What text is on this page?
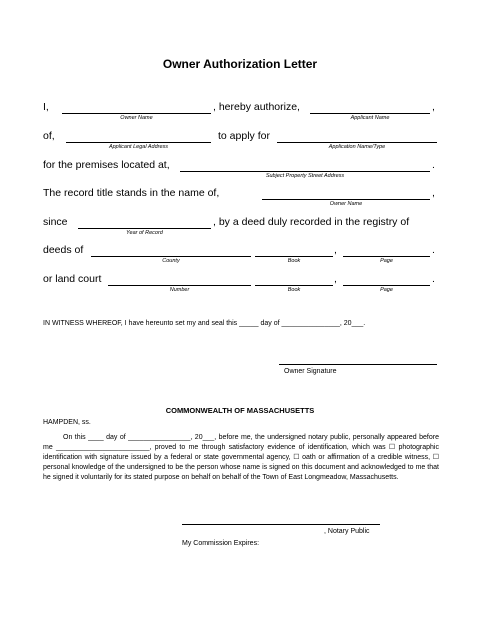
Owner Authorization Letter
I,	, hereby authorize,	,
Owner Name	Applicant Name
of,	to apply for
Applicant Legal Address	Application Name/Type
for the premises located at,	.
Subject Property Street Address
The record title stands in the name of,	,
Owner Name
since	, by a deed duly recorded in the registry of
Year of Record
deeds of	,	.
County	Book	Page
or land court	,	.
Number	Book	Page
IN WITNESS WHEREOF, I have hereunto set my and seal this _____ day of _______________, 20___.
Owner Signature
COMMONWEALTH OF MASSACHUSETTS
HAMPDEN, ss.
On this ____ day of ________________, 20___, before me, the undersigned notary public, personally appeared before me ________________________, proved to me through satisfactory evidence of identification, which was ☐ photographic identification with signature issued by a federal or state governmental agency, ☐ oath or affirmation of a credible witness, ☐ personal knowledge of the undersigned to be the person whose name is signed on this document and acknowledged to me that he signed it voluntarily for its stated purpose on behalf on behalf of the Town of East Longmeadow, Massachusetts.
, Notary Public
My Commission Expires:
